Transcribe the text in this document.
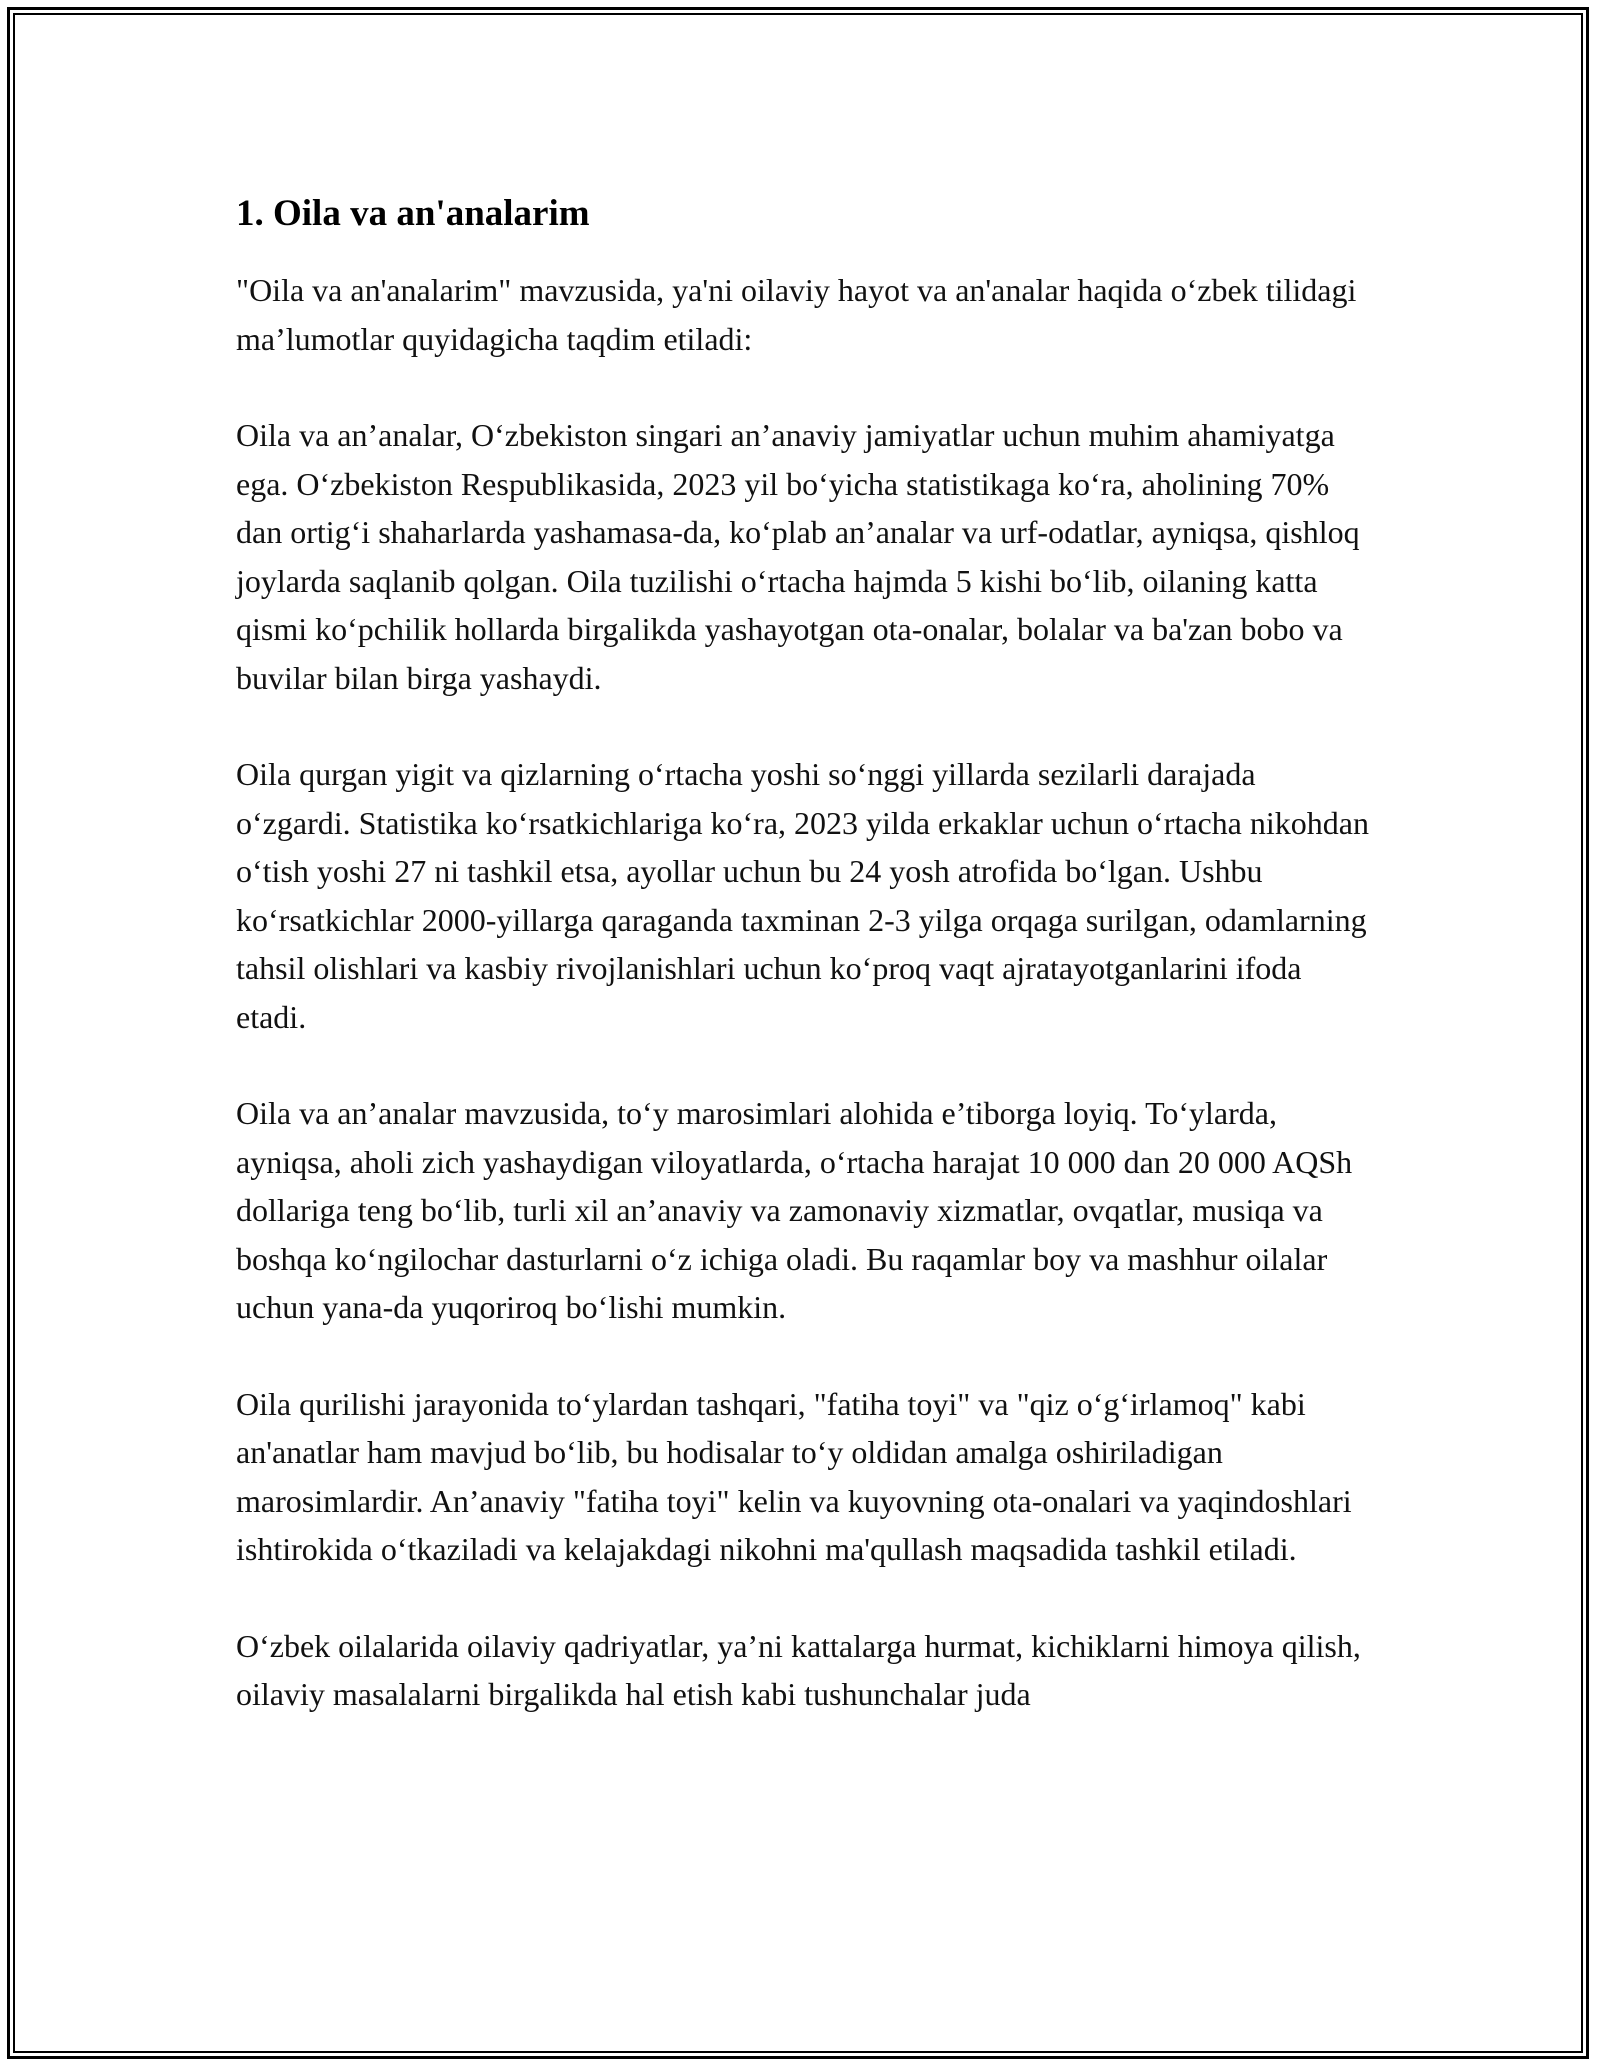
1. Oila va an'analarim

"Oila va an'analarim" mavzusida, ya'ni oilaviy hayot va an'analar haqida o‘zbek tilidagi ma’lumotlar quyidagicha taqdim etiladi:

Oila va an’analar, O‘zbekiston singari an’anaviy jamiyatlar uchun muhim ahamiyatga ega. O‘zbekiston Respublikasida, 2023 yil bo‘yicha statistikaga ko‘ra, aholining 70% dan ortig‘i shaharlarda yashamasa-da, ko‘plab an’analar va urf-odatlar, ayniqsa, qishloq joylarda saqlanib qolgan. Oila tuzilishi o‘rtacha hajmda 5 kishi bo‘lib, oilaning katta qismi ko‘pchilik hollarda birgalikda yashayotgan ota-onalar, bolalar va ba'zan bobo va buvilar bilan birga yashaydi.

Oila qurgan yigit va qizlarning o‘rtacha yoshi so‘nggi yillarda sezilarli darajada o‘zgardi. Statistika ko‘rsatkichlariga ko‘ra, 2023 yilda erkaklar uchun o‘rtacha nikohdan o‘tish yoshi 27 ni tashkil etsa, ayollar uchun bu 24 yosh atrofida bo‘lgan. Ushbu ko‘rsatkichlar 2000-yillarga qaraganda taxminan 2-3 yilga orqaga surilgan, odamlarning tahsil olishlari va kasbiy rivojlanishlari uchun ko‘proq vaqt ajratayotganlarini ifoda etadi.

Oila va an’analar mavzusida, to‘y marosimlari alohida e’tiborga loyiq. To‘ylarda, ayniqsa, aholi zich yashaydigan viloyatlarda, o‘rtacha harajat 10 000 dan 20 000 AQSh dollariga teng bo‘lib, turli xil an’anaviy va zamonaviy xizmatlar, ovqatlar, musiqa va boshqa ko‘ngilochar dasturlarni o‘z ichiga oladi. Bu raqamlar boy va mashhur oilalar uchun yana-da yuqoriroq bo‘lishi mumkin.

Oila qurilishi jarayonida to‘ylardan tashqari, "fatiha toyi" va "qiz o‘g‘irlamoq" kabi an'anatlar ham mavjud bo‘lib, bu hodisalar to‘y oldidan amalga oshiriladigan marosimlardir. An’anaviy "fatiha toyi" kelin va kuyovning ota-onalari va yaqindoshlari ishtirokida o‘tkaziladi va kelajakdagi nikohni ma'qullash maqsadida tashkil etiladi.

O‘zbek oilalarida oilaviy qadriyatlar, ya’ni kattalarga hurmat, kichiklarni himoya qilish, oilaviy masalalarni birgalikda hal etish kabi tushunchalar juda
